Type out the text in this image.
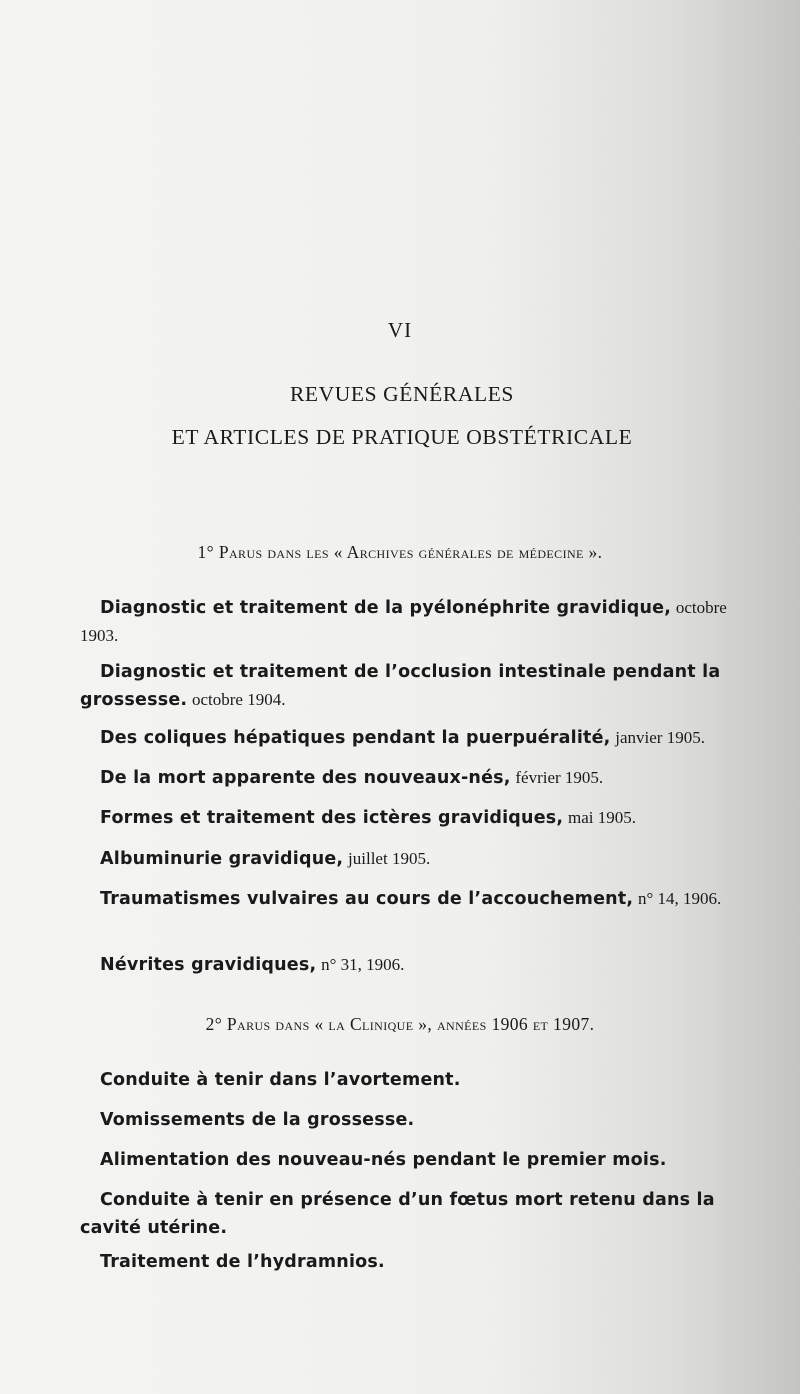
VI
REVUES GÉNÉRALES
ET ARTICLES DE PRATIQUE OBSTÉTRICALE
1° Parus dans les « Archives générales de médecine ».
Diagnostic et traitement de la pyélonéphrite gravidique, octobre 1903.
Diagnostic et traitement de l’occlusion intestinale pendant la grossesse. octobre 1904.
Des coliques hépatiques pendant la puerpuéralité, janvier 1905.
De la mort apparente des nouveaux-nés, février 1905.
Formes et traitement des ictères gravidiques, mai 1905.
Albuminurie gravidique, juillet 1905.
Traumatismes vulvaires au cours de l’accouchement, n° 14, 1906.
Névrites gravidiques, n° 31, 1906.
2° Parus dans « la Clinique », années 1906 et 1907.
Conduite à tenir dans l’avortement.
Vomissements de la grossesse.
Alimentation des nouveau-nés pendant le premier mois.
Conduite à tenir en présence d’un fœtus mort retenu dans la cavité utérine.
Traitement de l’hydramnios.
